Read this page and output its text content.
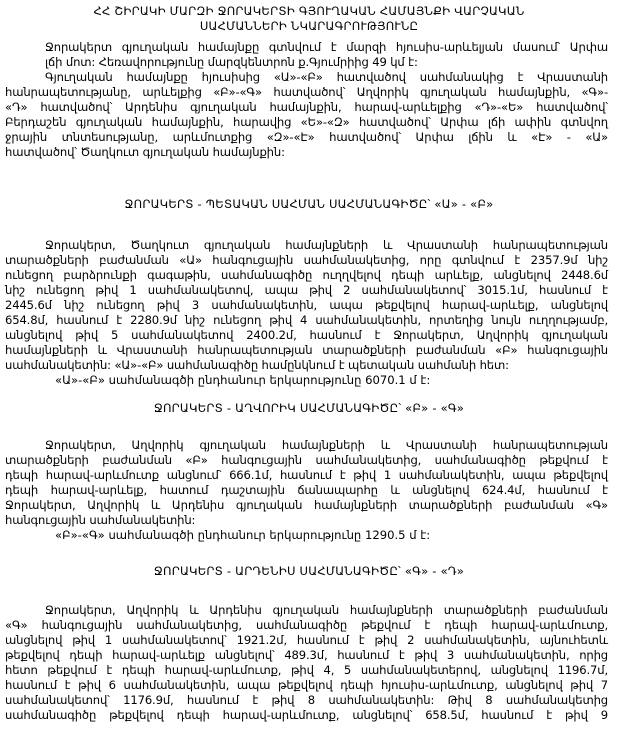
ՀՀ ՇԻՐԱԿԻ ՄԱՐԶԻ ՋՈՐԱԿԵՐՏԻ ԳՅՈՒՂԱԿԱՆ ՀԱՄԱՅՆՔԻ ՎԱՐՉԱԿԱՆ
ՍԱՀՄԱՆՆԵՐԻ ՆԿԱՐԱԳՐՈՒԹՅՈՒՆԸ
Ջորակերտ գյուղական համայնքը գտնվում է մարզի հյուսիս-արևելյան մասում՝ Արփա
լճի մոտ: Հեռավորությունը մարզկենտրոն ք.Գյումրիից 49 կմ է:
Գյուղական համայնքը հյուսիսից «Ա»-«Բ» հատվածով սահմանակից է Վրաստանի
հանրապետությանը, արևելքից «Բ»-«Գ» հատվածով՝ Աղվորիկ գյուղական համայնքին, «Գ»-
«Դ» հատվածով՝ Արդենիս գյուղական համայնքին, հարավ-արևելքից «Դ»-«Ե» հատվածով՝
Բերդաշեն գյուղական համայնքին, հարավից «Ե»-«Զ» հատվածով՝ Արփա լճի ափին գտնվող
ջրային տնտեսությանը, արևմուտքից «Զ»-«Է» հատվածով՝ Արփա լճին և «Է» - «Ա»
հատվածով՝ Ծաղկուտ գյուղական համայնքին:
ՋՈՐԱԿԵՐՏ - ՊԵՏԱԿԱՆ ՍԱՀՄԱՆ ՍԱՀՄԱՆԱԳԻԾԸ՝ «Ա» - «Բ»
Ջորակերտ, Ծաղկուտ գյուղական համայնքների և Վրաստանի հանրապետության
տարածքների բաժանման «Ա» հանգուցային սահմանակետից, որը գտնվում է 2357.9մ նիշ
ունեցող բարձրունքի գագաթին, սահմանագիծը ուղղվելով դեպի արևելք, անցնելով 2448.6մ
նիշ ունեցող թիվ 1 սահմանակետով, ապա թիվ 2 սահմանակետով՝ 3015.1մ, հասնում է
2445.6մ նիշ ունեցող թիվ 3 սահմանակետին, ապա թեքվելով հարավ-արևելք, անցնելով
654.8մ, հասնում է 2280.9մ նիշ ունեցող թիվ 4 սահմանակետին, որտեղից նույն ուղղությամբ,
անցնելով թիվ 5 սահմանակետով 2400.2մ, հասնում է Ջորակերտ, Աղվորիկ գյուղական
համայնքների և Վրաստանի հանրապետության տարածքների բաժանման «Բ» հանգուցային
սահմանակետին: «Ա»-«Բ» սահմանագիծը համընկնում է պետական սահմանի հետ:
«Ա»-«Բ» սահմանագծի ընդհանուր երկարությունը 6070.1 մ է:
ՋՈՐԱԿԵՐՏ - ԱՂՎՈՐԻԿ ՍԱՀՄԱՆԱԳԻԾԸ՝ «Բ» - «Գ»
Ջորակերտ, Աղվորիկ գյուղական համայնքների և Վրաստանի հանրապետության
տարածքների բաժանման «Բ» հանգուցային սահմանակետից, սահմանագիծը թեքվում է
դեպի հարավ-արևմուտք անցնում՝ 666.1մ, հասնում է թիվ 1 սահմանակետին, ապա թեքվելով
դեպի հարավ-արևելք, հատում դաշտային ճանապարհը և անցնելով 624.4մ, հասնում է
Ջորակերտ, Աղվորիկ և Արդենիս գյուղական համայնքների տարածքների բաժանման «Գ»
հանգուցային սահմանակետին:
«Բ»-«Գ» սահմանագծի ընդհանուր երկարությունը 1290.5 մ է:
ՋՈՐԱԿԵՐՏ - ԱՐԴԵՆԻՍ ՍԱՀՄԱՆԱԳԻԾԸ՝ «Գ» - «Դ»
Ջորակերտ, Աղվորիկ և Արդենիս գյուղական համայնքների տարածքների բաժանման
«Գ» հանգուցային սահմանակետից, սահմանագիծը թեքվում է դեպի հարավ-արևմուտք,
անցնելով թիվ 1 սահմանակետով՝ 1921.2մ, հասնում է թիվ 2 սահմանակետին, այնուհետև
թեքվելով դեպի հարավ-արևելք անցնելով՝ 489.3մ, հասնում է թիվ 3 սահմանակետին, որից
հետո թեքվում է դեպի հարավ-արևմուտք, թիվ 4, 5 սահմանակետերով, անցնելով 1196.7մ,
հասնում է թիվ 6 սահմանակետին, ապա թեքվելով դեպի հյուսիս-արևմուտք, անցնելով թիվ 7
սահմանակետով՝ 1176.9մ, հասնում է թիվ 8 սահմանակետին: Թիվ 8 սահմանակետից
սահմանագիծը թեքվելով դեպի հարավ-արևմուտք, անցնելով՝ 658.5մ, հասնում է թիվ 9
